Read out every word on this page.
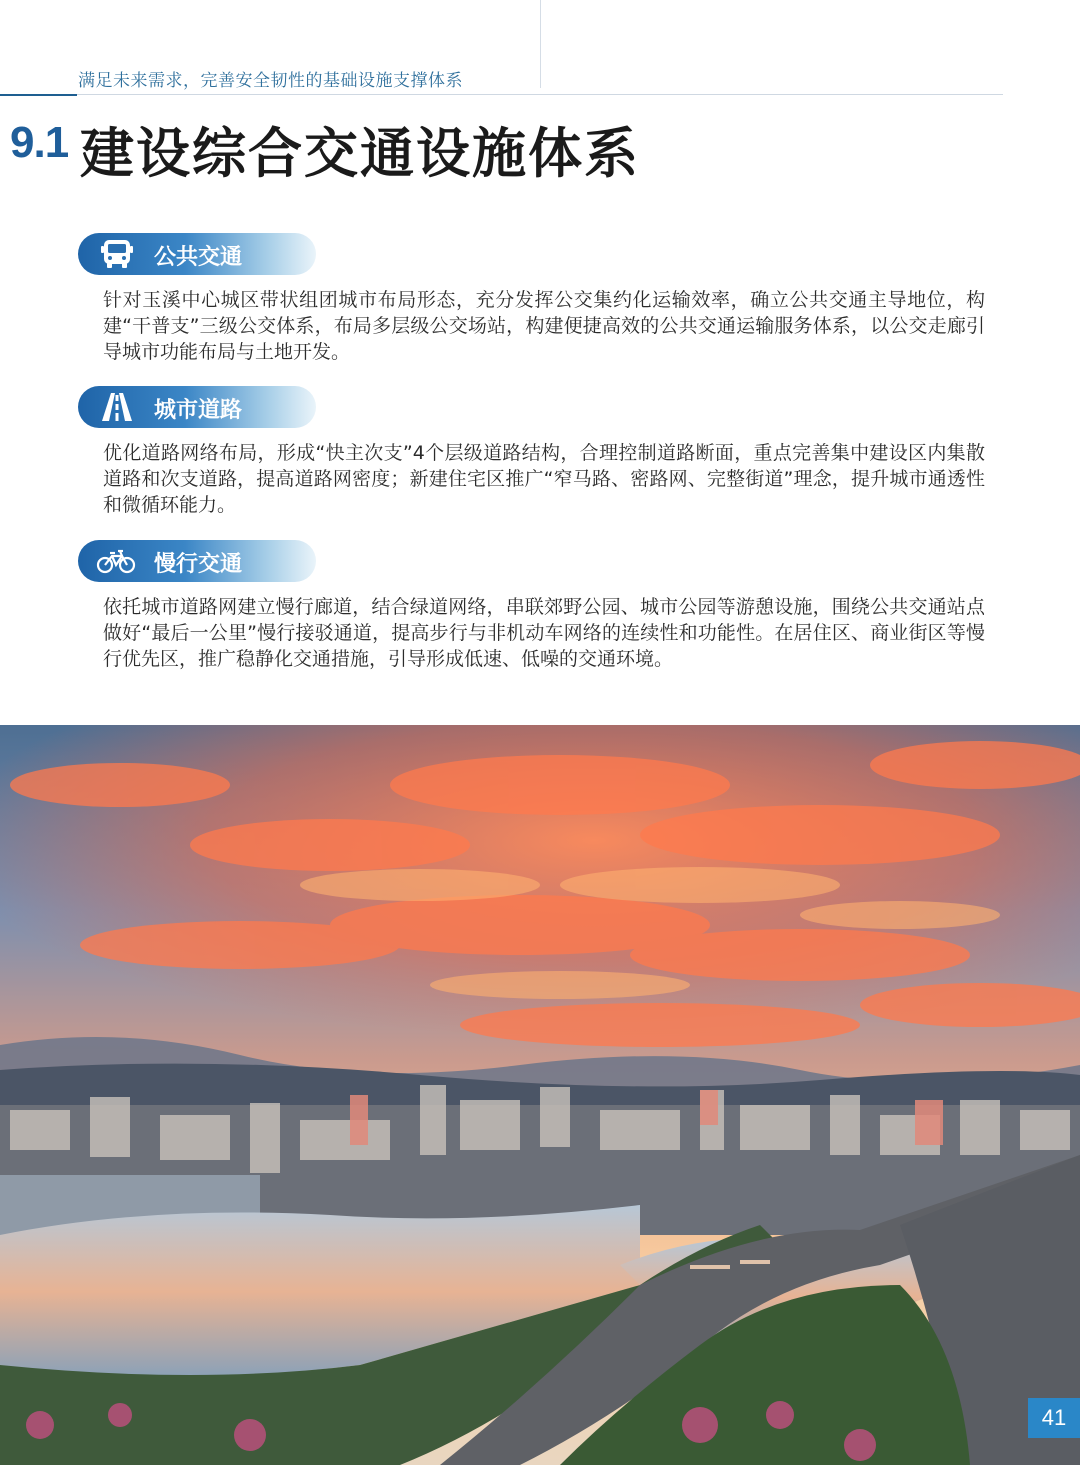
满足未来需求，完善安全韧性的基础设施支撑体系
9.1 建设综合交通设施体系
公共交通

针对玉溪中心城区带状组团城市布局形态，充分发挥公交集约化运输效率，确立公共交通主导地位，构建“干普支”三级公交体系，布局多层级公交场站，构建便捷高效的公共交通运输服务体系，以公交走廊引导城市功能布局与土地开发。

城市道路

优化道路网络布局，形成“快主次支”4个层级道路结构，合理控制道路断面，重点完善集中建设区内集散道路和次支道路，提高道路网密度；新建住宅区推广“窄马路、密路网、完整街道”理念，提升城市通透性和微循环能力。

慢行交通

依托城市道路网建立慢行廊道，结合绿道网络，串联郊野公园、城市公园等游憩设施，围绕公共交通站点做好“最后一公里”慢行接驳通道，提高步行与非机动车网络的连续性和功能性。在居住区、商业街区等慢行优先区，推广稳静化交通措施，引导形成低速、低噪的交通环境。

41
